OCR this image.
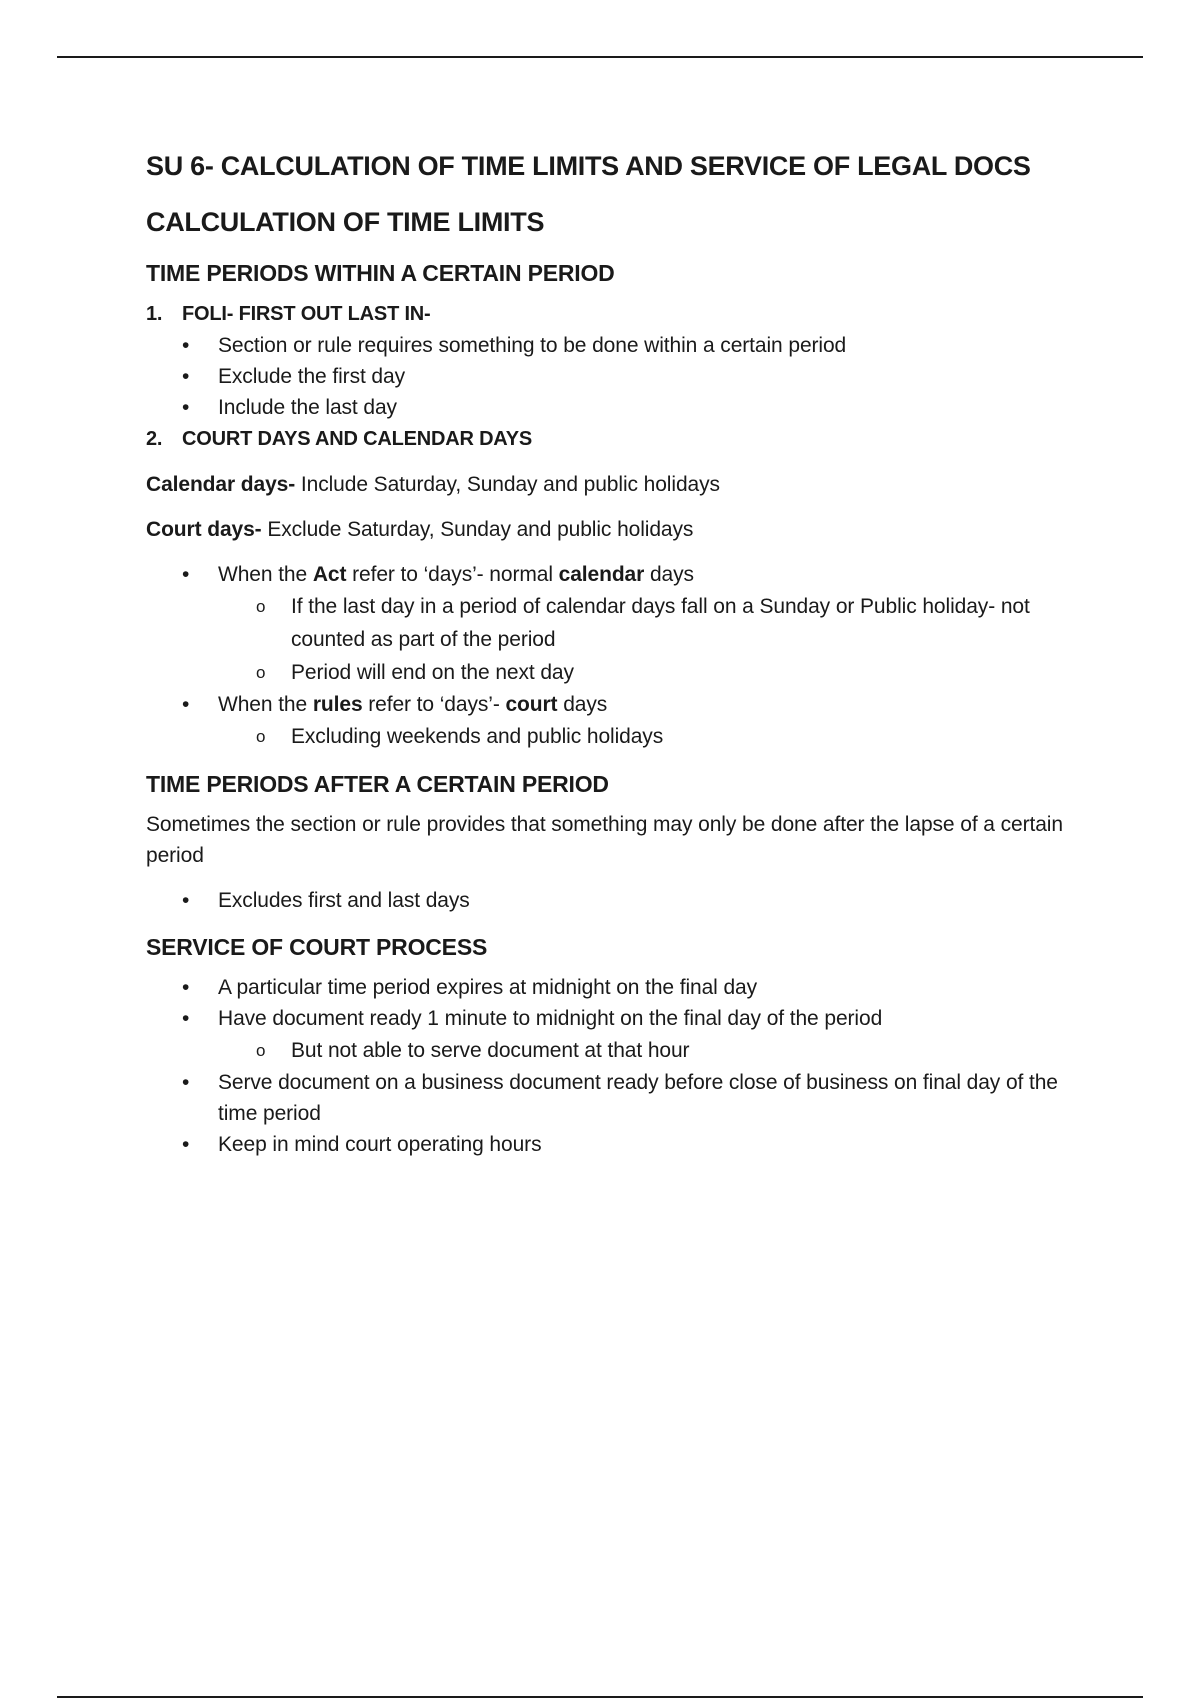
SU 6- CALCULATION OF TIME LIMITS AND SERVICE OF LEGAL DOCS
CALCULATION OF TIME LIMITS
TIME PERIODS WITHIN A CERTAIN PERIOD
1. FOLI- FIRST OUT LAST IN-
• Section or rule requires something to be done within a certain period
• Exclude the first day
• Include the last day
2. COURT DAYS AND CALENDAR DAYS

Calendar days- Include Saturday, Sunday and public holidays

Court days- Exclude Saturday, Sunday and public holidays

• When the Act refer to ‘days’- normal calendar days
o If the last day in a period of calendar days fall on a Sunday or Public holiday- not counted as part of the period
o Period will end on the next day
• When the rules refer to ‘days’- court days
o Excluding weekends and public holidays
TIME PERIODS AFTER A CERTAIN PERIOD

Sometimes the section or rule provides that something may only be done after the lapse of a certain period

• Excludes first and last days
SERVICE OF COURT PROCESS
• A particular time period expires at midnight on the final day
• Have document ready 1 minute to midnight on the final day of the period
o But not able to serve document at that hour
• Serve document on a business document ready before close of business on final day of the time period
• Keep in mind court operating hours
